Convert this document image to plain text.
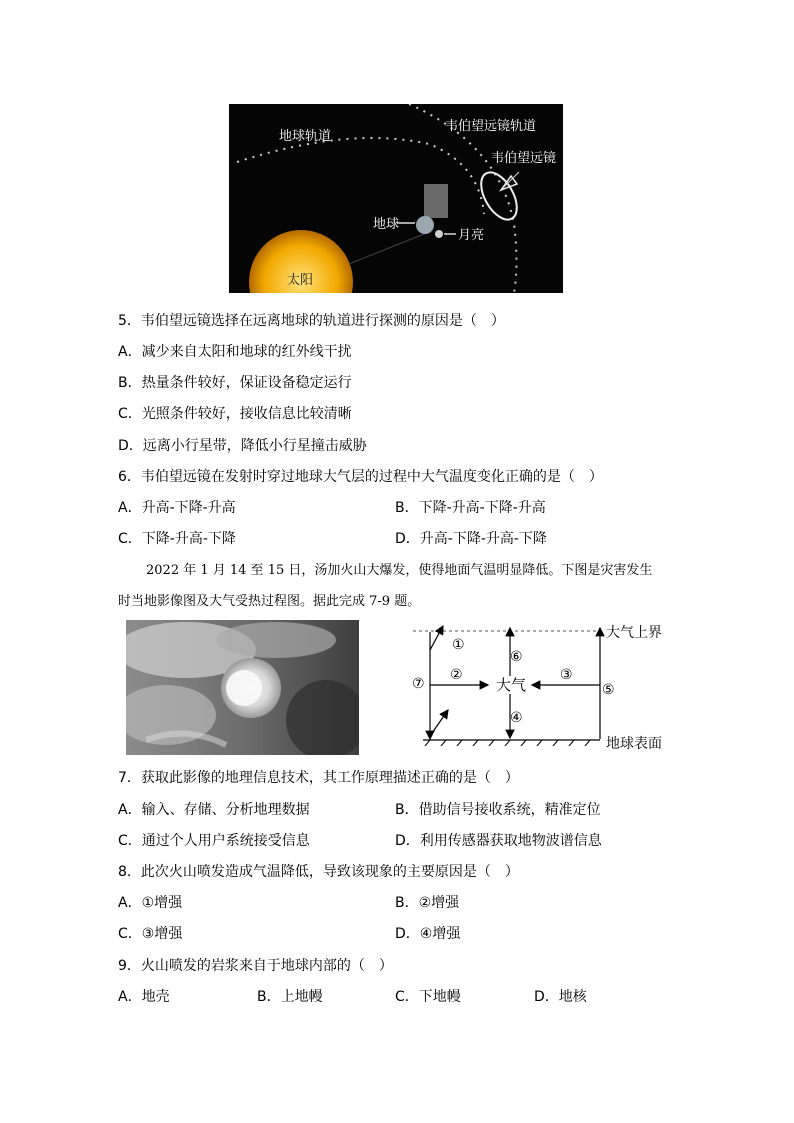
地球轨道
韦伯望远镜轨道
韦伯望远镜
地球
月亮
太阳
5．韦伯望远镜选择在远离地球的轨道进行探测的原因是（　）
A．减少来自太阳和地球的红外线干扰
B．热量条件较好，保证设备稳定运行
C．光照条件较好，接收信息比较清晰
D．远离小行星带，降低小行星撞击威胁
6．韦伯望远镜在发射时穿过地球大气层的过程中大气温度变化正确的是（　）
A．升高-下降-升高	B．下降-升高-下降-升高
C．下降-升高-下降	D．升高-下降-升高-下降
2022 年 1 月 14 至 15 日，汤加火山大爆发，使得地面气温明显降低。下图是灾害发生
时当地影像图及大气受热过程图。据此完成 7-9 题。
①
②	③
④
⑤
⑥
⑦	大气
大气上界
地球表面
7．获取此影像的地理信息技术，其工作原理描述正确的是（　）
A．输入、存储、分析地理数据	B．借助信号接收系统，精准定位
C．通过个人用户系统接受信息	D．利用传感器获取地物波谱信息
8．此次火山喷发造成气温降低，导致该现象的主要原因是（　）
A．①增强	B．②增强
C．③增强	D．④增强
9．火山喷发的岩浆来自于地球内部的（　）
A．地壳	B．上地幔	C．下地幔	D．地核
